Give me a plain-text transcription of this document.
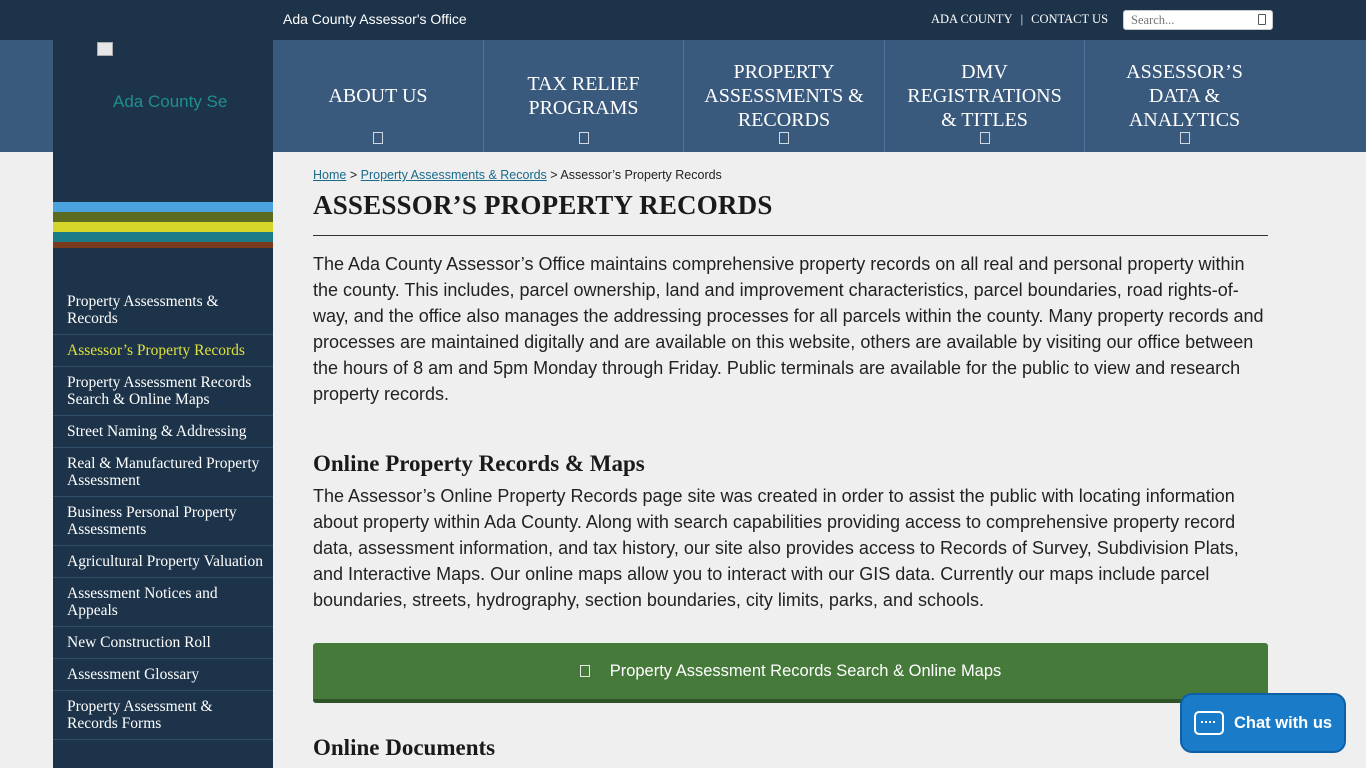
Ada County Assessor's Office	ADA COUNTY | CONTACT US
Search...
ABOUT US
TAX RELIEF PROGRAMS
PROPERTY ASSESSMENTS & RECORDS
DMV REGISTRATIONS & TITLES
ASSESSOR’S DATA & ANALYTICS
Ada County Se
Property Assessments & Records
Assessor’s Property Records
Property Assessment Records Search & Online Maps
Street Naming & Addressing
Real & Manufactured Property Assessment
Business Personal Property Assessments
Agricultural Property Valuation
Assessment Notices and Appeals
New Construction Roll
Assessment Glossary
Property Assessment & Records Forms
Home > Property Assessments & Records > Assessor’s Property Records
ASSESSOR’S PROPERTY RECORDS

The Ada County Assessor’s Office maintains comprehensive property records on all real and personal property within the county. This includes, parcel ownership, land and improvement characteristics, parcel boundaries, road rights-of-way, and the office also manages the addressing processes for all parcels within the county. Many property records and processes are maintained digitally and are available on this website, others are available by visiting our office between the hours of 8 am and 5pm Monday through Friday. Public terminals are available for the public to view and research property records.

Online Property Records & Maps

The Assessor’s Online Property Records page site was created in order to assist the public with locating information about property within Ada County. Along with search capabilities providing access to comprehensive property record data, assessment information, and tax history, our site also provides access to Records of Survey, Subdivision Plats, and Interactive Maps. Our online maps allow you to interact with our GIS data. Currently our maps include parcel boundaries, streets, hydrography, section boundaries, city limits, parks, and schools.

Property Assessment Records Search & Online Maps
Online Documents
Chat with us
